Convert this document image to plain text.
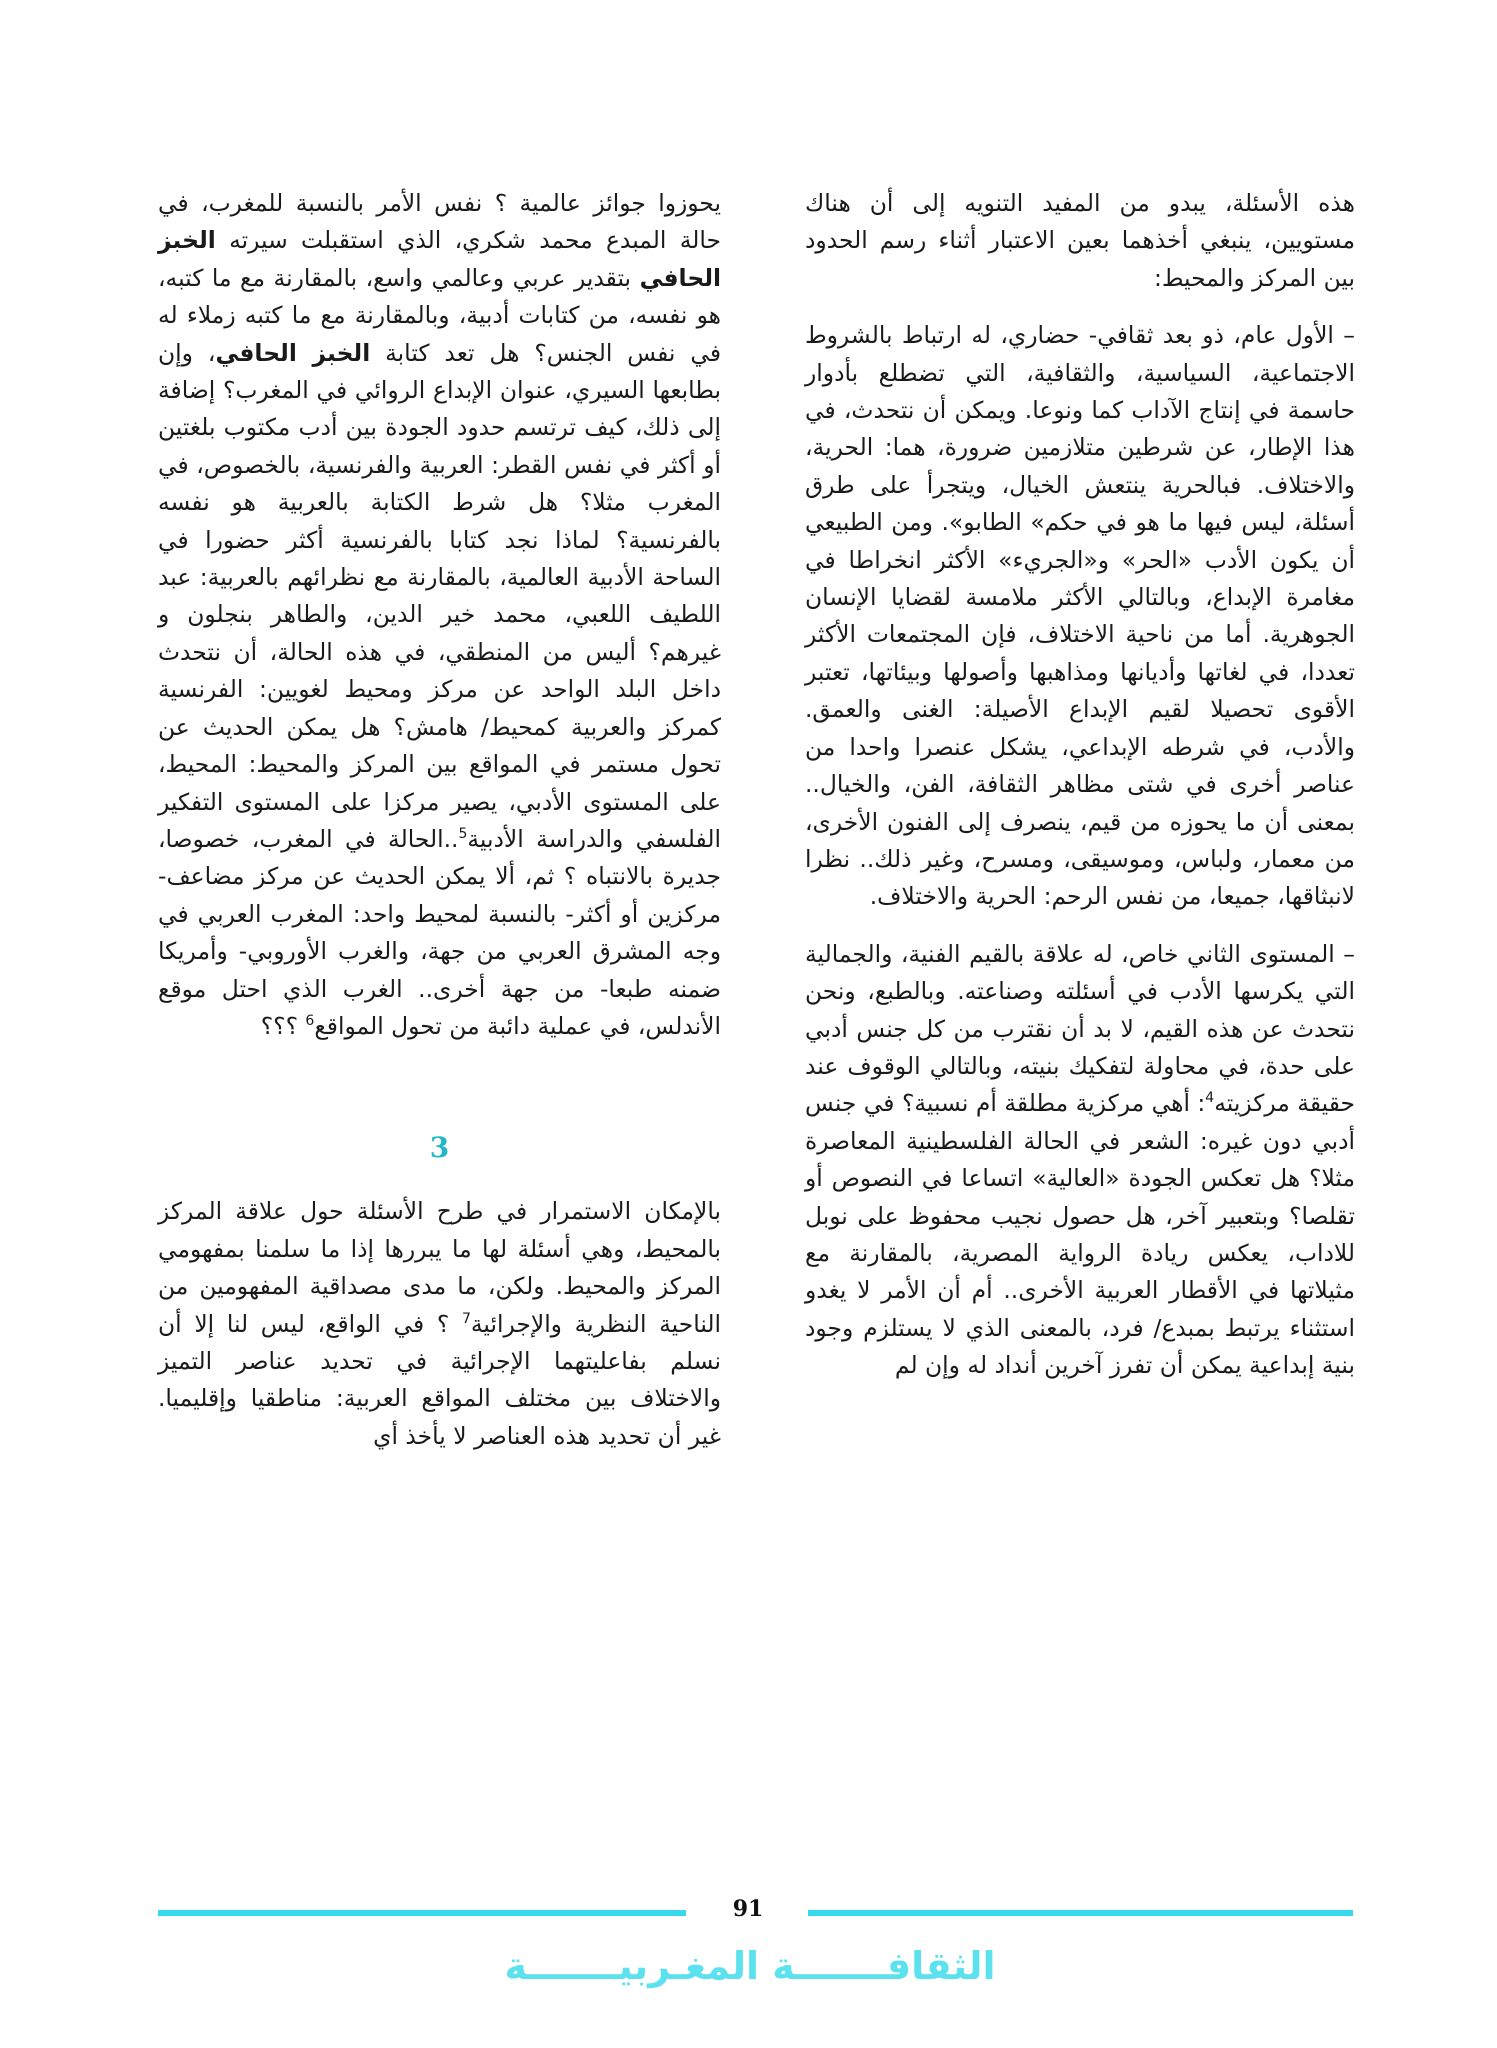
هذه الأسئلة، يبدو من المفيد التنويه إلى أن هناك مستويين، ينبغي أخذهما بعين الاعتبار أثناء رسم الحدود بين المركز والمحيط:

– الأول عام، ذو بعد ثقافي- حضاري، له ارتباط بالشروط الاجتماعية، السياسية، والثقافية، التي تضطلع بأدوار حاسمة في إنتاج الآداب كما ونوعا. ويمكن أن نتحدث، في هذا الإطار، عن شرطين متلازمين ضرورة، هما: الحرية، والاختلاف. فبالحرية ينتعش الخيال، ويتجرأ على طرق أسئلة، ليس فيها ما هو في حكم» الطابو». ومن الطبيعي أن يكون الأدب «الحر» و«الجريء» الأكثر انخراطا في مغامرة الإبداع، وبالتالي الأكثر ملامسة لقضايا الإنسان الجوهرية. أما من ناحية الاختلاف، فإن المجتمعات الأكثر تعددا، في لغاتها وأديانها ومذاهبها وأصولها وبيئاتها، تعتبر الأقوى تحصيلا لقيم الإبداع الأصيلة: الغنى والعمق. والأدب، في شرطه الإبداعي، يشكل عنصرا واحدا من عناصر أخرى في شتى مظاهر الثقافة، الفن، والخيال.. بمعنى أن ما يحوزه من قيم، ينصرف إلى الفنون الأخرى، من معمار، ولباس، وموسيقى، ومسرح، وغير ذلك.. نظرا لانبثاقها، جميعا، من نفس الرحم: الحرية والاختلاف.

– المستوى الثاني خاص، له علاقة بالقيم الفنية، والجمالية التي يكرسها الأدب في أسئلته وصناعته. وبالطبع، ونحن نتحدث عن هذه القيم، لا بد أن نقترب من كل جنس أدبي على حدة، في محاولة لتفكيك بنيته، وبالتالي الوقوف عند حقيقة مركزيته$^4$: أهي مركزية مطلقة أم نسبية؟ في جنس أدبي دون غيره: الشعر في الحالة الفلسطينية المعاصرة مثلا؟ هل تعكس الجودة «العالية» اتساعا في النصوص أو تقلصا؟ وبتعبير آخر، هل حصول نجيب محفوظ على نوبل للاداب، يعكس ريادة الرواية المصرية، بالمقارنة مع مثيلاتها في الأقطار العربية الأخرى.. أم أن الأمر لا يغدو استثناء يرتبط بمبدع/ فرد، بالمعنى الذي لا يستلزم وجود بنية إبداعية يمكن أن تفرز آخرين أنداد له وإن لم

يحوزوا جوائز عالمية ؟ نفس الأمر بالنسبة للمغرب، في حالة المبدع محمد شكري، الذي استقبلت سيرته الخبز الحافي بتقدير عربي وعالمي واسع، بالمقارنة مع ما كتبه، هو نفسه، من كتابات أدبية، وبالمقارنة مع ما كتبه زملاء له في نفس الجنس؟ هل تعد كتابة الخبز الحافي، وإن بطابعها السيري، عنوان الإبداع الروائي في المغرب؟ إضافة إلى ذلك، كيف ترتسم حدود الجودة بين أدب مكتوب بلغتين أو أكثر في نفس القطر: العربية والفرنسية، بالخصوص، في المغرب مثلا؟ هل شرط الكتابة بالعربية هو نفسه بالفرنسية؟ لماذا نجد كتابا بالفرنسية أكثر حضورا في الساحة الأدبية العالمية، بالمقارنة مع نظرائهم بالعربية: عبد اللطيف اللعبي، محمد خير الدين، والطاهر بنجلون و غيرهم؟ أليس من المنطقي، في هذه الحالة، أن نتحدث داخل البلد الواحد عن مركز ومحيط لغويين: الفرنسية كمركز والعربية كمحيط/ هامش؟ هل يمكن الحديث عن تحول مستمر في المواقع بين المركز والمحيط: المحيط، على المستوى الأدبي، يصير مركزا على المستوى التفكير الفلسفي والدراسة الأدبية$^5$..الحالة في المغرب، خصوصا، جديرة بالانتباه ؟ ثم، ألا يمكن الحديث عن مركز مضاعف- مركزين أو أكثر- بالنسبة لمحيط واحد: المغرب العربي في وجه المشرق العربي من جهة، والغرب الأوروبي- وأمريكا ضمنه طبعا- من جهة أخرى.. الغرب الذي احتل موقع الأندلس، في عملية دائبة من تحول المواقع$^6$ ؟؟؟

3

بالإمكان الاستمرار في طرح الأسئلة حول علاقة المركز بالمحيط، وهي أسئلة لها ما يبررها إذا ما سلمنا بمفهومي المركز والمحيط. ولكن، ما مدى مصداقية المفهومين من الناحية النظرية والإجرائية$^7$ ؟ في الواقع، ليس لنا إلا أن نسلم بفاعليتهما الإجرائية في تحديد عناصر التميز والاختلاف بين مختلف المواقع العربية: مناطقيا وإقليميا. غير أن تحديد هذه العناصر لا يأخذ أي

91
الثقافـــــــة المغـربيـــــــة
